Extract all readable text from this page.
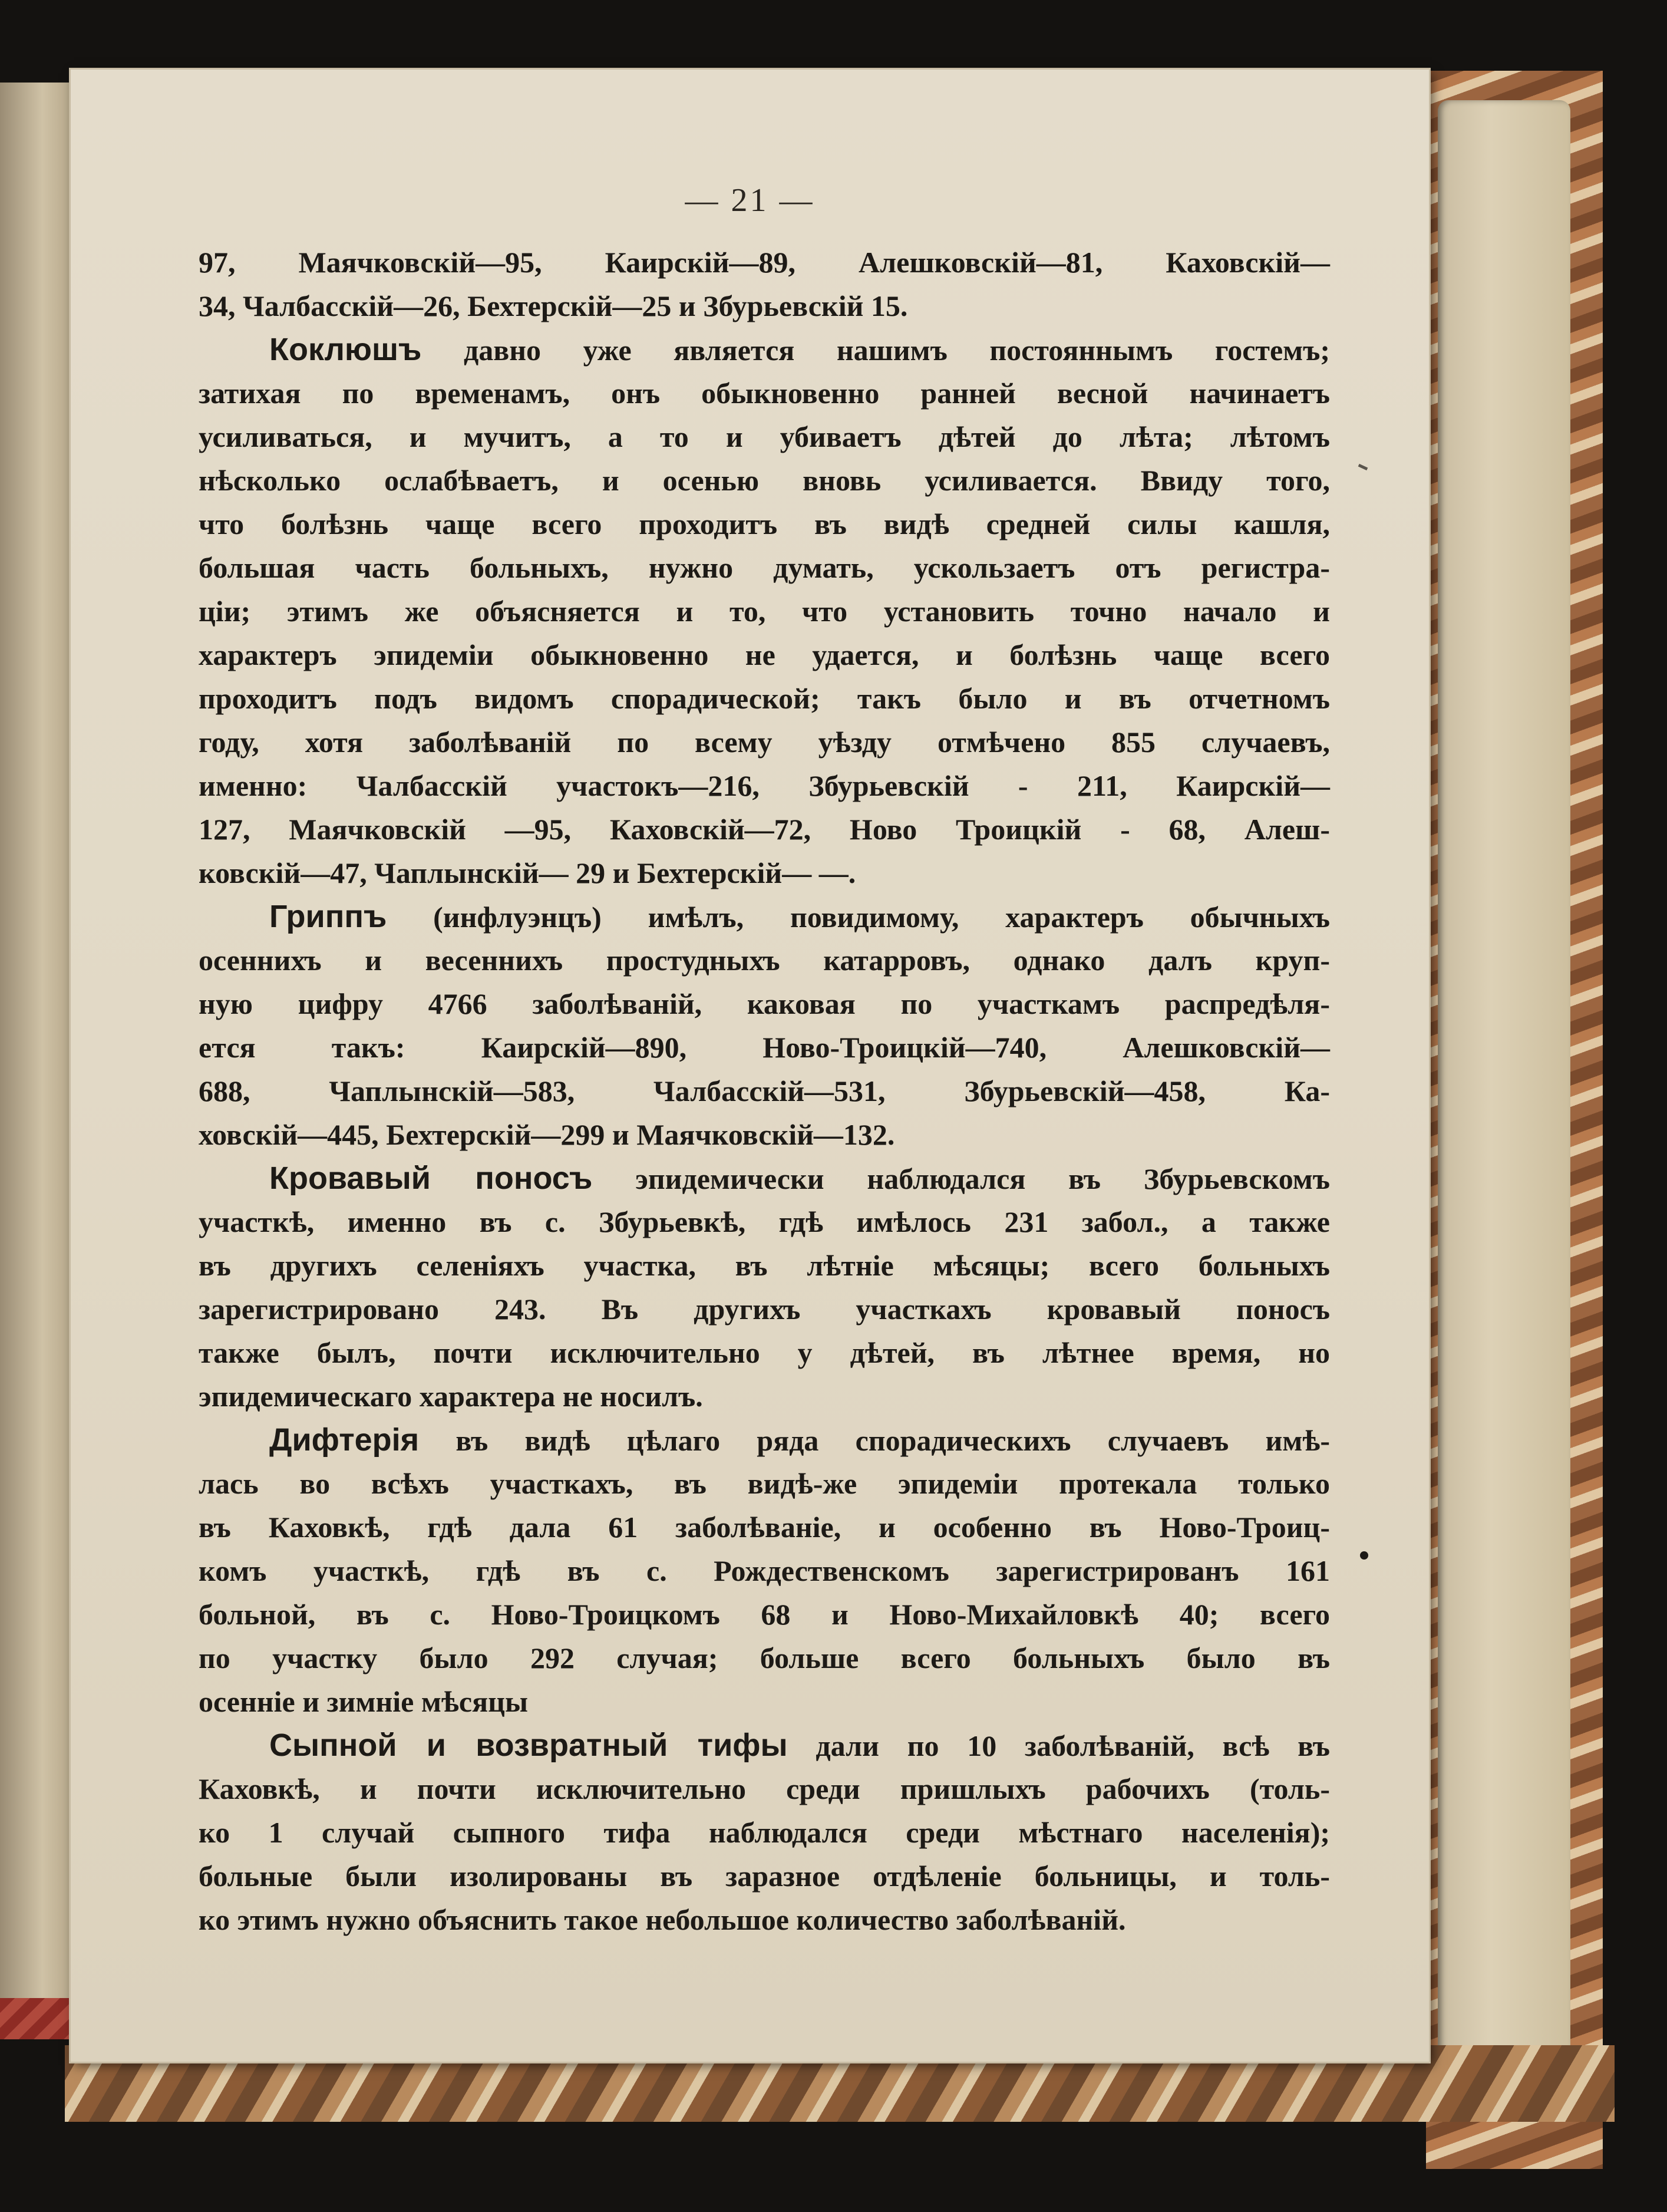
— 21 —
97, Маячковскій—95, Каирскій—89, Алешковскій—81, Каховскій—
34, Чалбасскій—26, Бехтерскій—25 и Збурьевскій 15.
Коклюшъ давно уже является нашимъ постояннымъ гостемъ;
затихая по временамъ, онъ обыкновенно ранней весной начинаетъ
усиливаться, и мучитъ, а то и убиваетъ дѣтей до лѣта; лѣтомъ
нѣсколько ослабѣваетъ, и осенью вновь усиливается. Ввиду того,
что болѣзнь чаще всего проходитъ въ видѣ средней силы кашля,
большая часть больныхъ, нужно думать, ускользаетъ отъ регистра-
ціи; этимъ же объясняется и то, что установить точно начало и
характеръ эпидеміи обыкновенно не удается, и болѣзнь чаще всего
проходитъ подъ видомъ спорадической; такъ было и въ отчетномъ
году, хотя заболѣваній по всему уѣзду отмѣчено 855 случаевъ,
именно: Чалбасскій участокъ—216, Збурьевскій - 211, Каирскій—
127, Маячковскій —95, Каховскій—72, Ново Троицкій - 68, Алеш-
ковскій—47, Чаплынскій— 29 и Бехтерскій— —.
Гриппъ (инфлуэнцъ) имѣлъ, повидимому, характеръ обычныхъ
осеннихъ и весеннихъ простудныхъ катарровъ, однако далъ круп-
ную цифру 4766 заболѣваній, каковая по участкамъ распредѣля-
ется такъ: Каирскій—890, Ново-Троицкій—740, Алешковскій—
688, Чаплынскій—583, Чалбасскій—531, Збурьевскій—458, Ка-
ховскій—445, Бехтерскій—299 и Маячковскій—132.
Кровавый поносъ эпидемически наблюдался въ Збурьевскомъ
участкѣ, именно въ с. Збурьевкѣ, гдѣ имѣлось 231 забол., а также
въ другихъ селеніяхъ участка, въ лѣтніе мѣсяцы; всего больныхъ
зарегистрировано 243. Въ другихъ участкахъ кровавый поносъ
также былъ, почти исключительно у дѣтей, въ лѣтнее время, но
эпидемическаго характера не носилъ.
Дифтерія въ видѣ цѣлаго ряда спорадическихъ случаевъ имѣ-
лась во всѣхъ участкахъ, въ видѣ-же эпидеміи протекала только
въ Каховкѣ, гдѣ дала 61 заболѣваніе, и особенно въ Ново-Троиц-
комъ участкѣ, гдѣ въ с. Рождественскомъ зарегистрированъ 161
больной, въ с. Ново-Троицкомъ 68 и Ново-Михайловкѣ 40; всего
по участку было 292 случая; больше всего больныхъ было въ
осенніе и зимніе мѣсяцы
Сыпной и возвратный тифы дали по 10 заболѣваній, всѣ въ
Каховкѣ, и почти исключительно среди пришлыхъ рабочихъ (толь-
ко 1 случай сыпного тифа наблюдался среди мѣстнаго населенія);
больные были изолированы въ заразное отдѣленіе больницы, и толь-
ко этимъ нужно объяснить такое небольшое количество заболѣваній.
